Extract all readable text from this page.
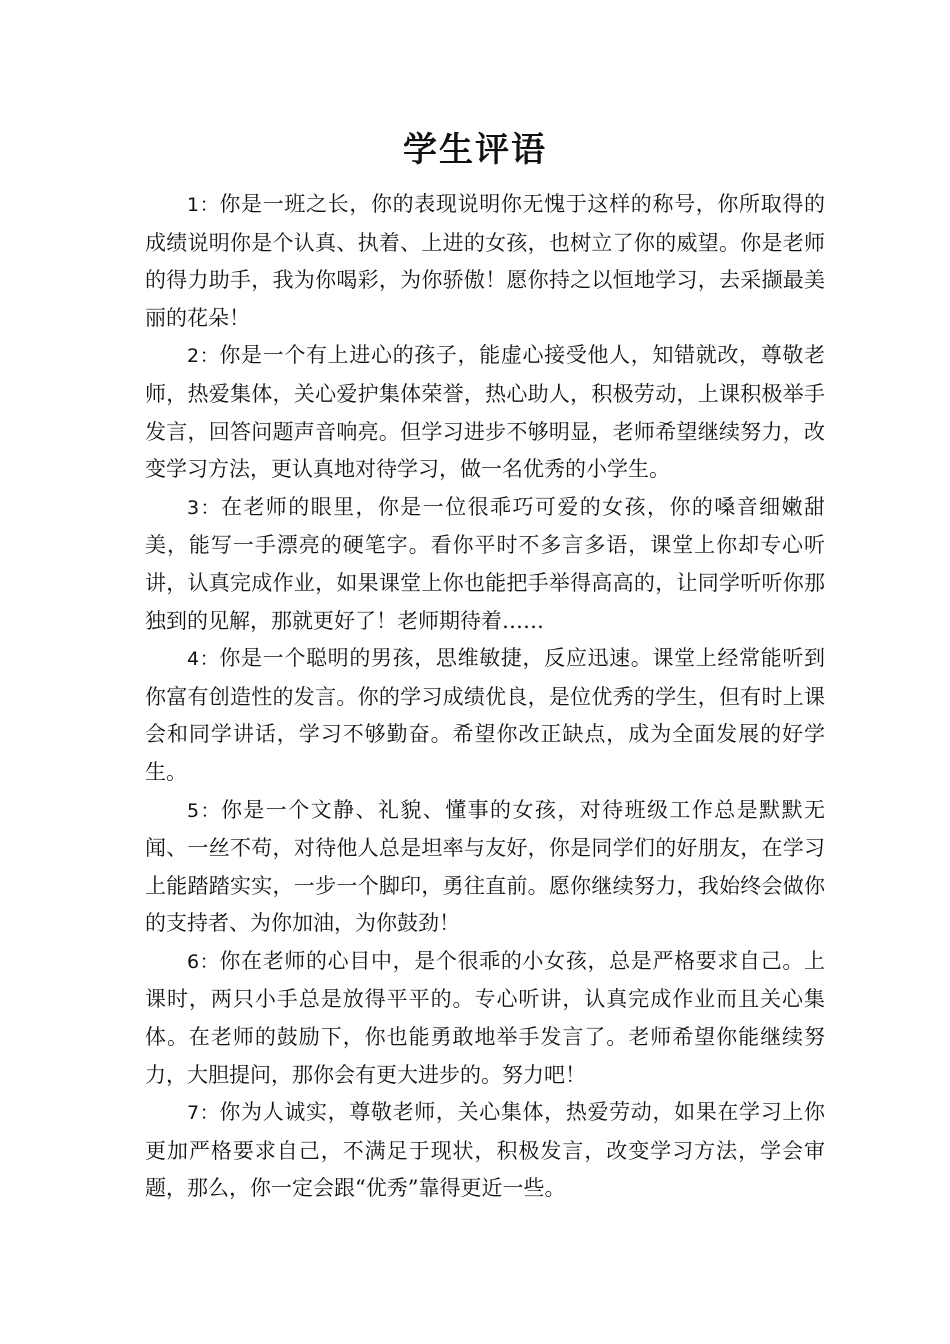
学生评语

1：你是一班之长，你的表现说明你无愧于这样的称号，你所取得的成绩说明你是个认真、执着、上进的女孩，也树立了你的威望。你是老师的得力助手，我为你喝彩，为你骄傲！愿你持之以恒地学习，去采撷最美丽的花朵！

2：你是一个有上进心的孩子，能虚心接受他人，知错就改，尊敬老师，热爱集体，关心爱护集体荣誉，热心助人，积极劳动，上课积极举手发言，回答问题声音响亮。但学习进步不够明显，老师希望继续努力，改变学习方法，更认真地对待学习，做一名优秀的小学生。

3：在老师的眼里，你是一位很乖巧可爱的女孩，你的嗓音细嫩甜美，能写一手漂亮的硬笔字。看你平时不多言多语，课堂上你却专心听讲，认真完成作业，如果课堂上你也能把手举得高高的，让同学听听你那独到的见解，那就更好了！老师期待着……

4：你是一个聪明的男孩，思维敏捷，反应迅速。课堂上经常能听到你富有创造性的发言。你的学习成绩优良，是位优秀的学生，但有时上课会和同学讲话，学习不够勤奋。希望你改正缺点，成为全面发展的好学生。

5：你是一个文静、礼貌、懂事的女孩，对待班级工作总是默默无闻、一丝不苟，对待他人总是坦率与友好，你是同学们的好朋友，在学习上能踏踏实实，一步一个脚印，勇往直前。愿你继续努力，我始终会做你的支持者、为你加油，为你鼓劲！

6：你在老师的心目中，是个很乖的小女孩，总是严格要求自己。上课时，两只小手总是放得平平的。专心听讲，认真完成作业而且关心集体。在老师的鼓励下，你也能勇敢地举手发言了。老师希望你能继续努力，大胆提问，那你会有更大进步的。努力吧！

7：你为人诚实，尊敬老师，关心集体，热爱劳动，如果在学习上你更加严格要求自己，不满足于现状，积极发言，改变学习方法，学会审题，那么，你一定会跟“优秀”靠得更近一些。
